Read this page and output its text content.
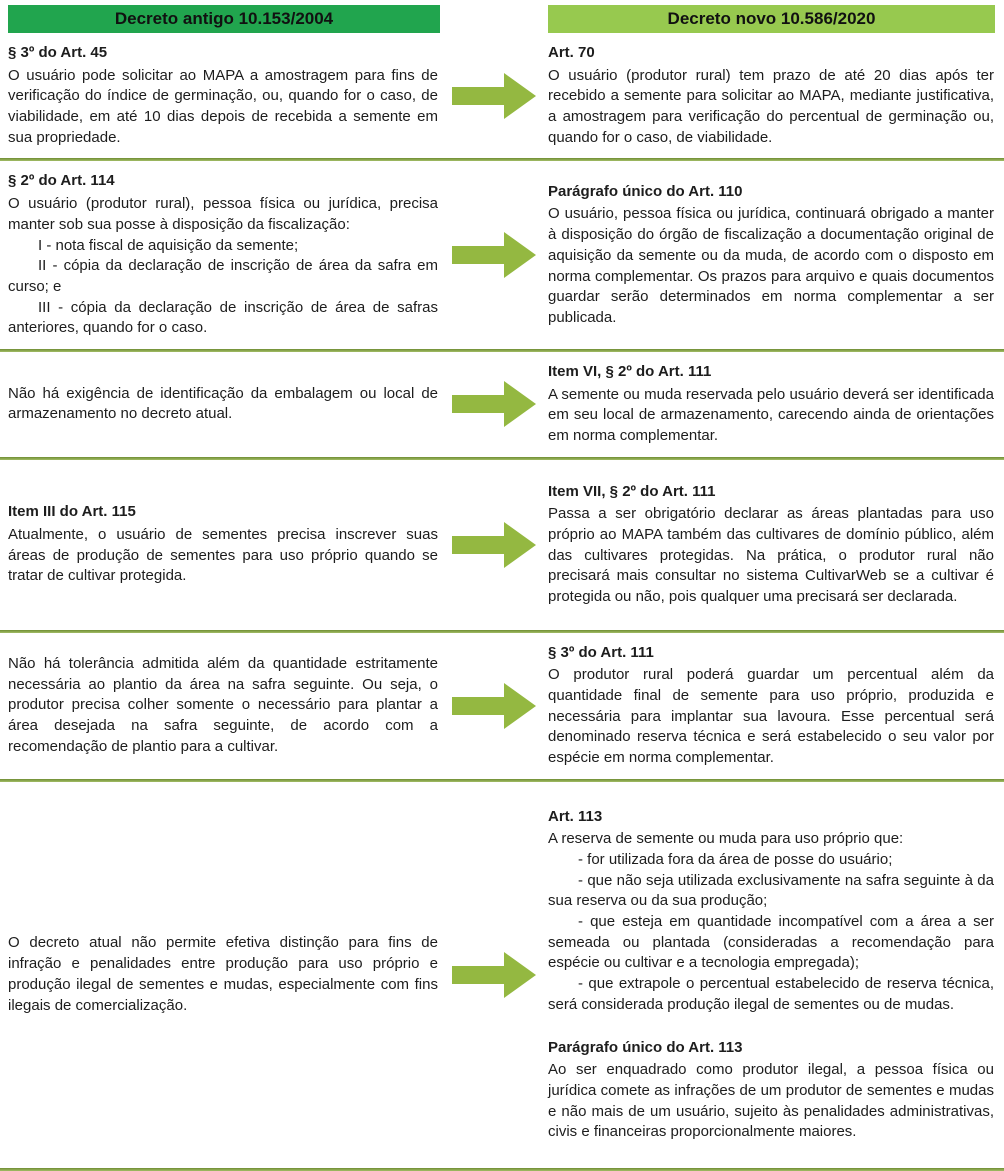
Decreto antigo 10.153/2004	Decreto novo 10.586/2020
§ 3º do Art. 45

O usuário pode solicitar ao MAPA a amostragem para fins de verificação do índice de germinação, ou, quando for o caso, de viabilidade, em até 10 dias depois de recebida a semente em sua propriedade.

Art. 70

O usuário (produtor rural) tem prazo de até 20 dias após ter recebido a semente para solicitar ao MAPA, mediante justificativa, a amostragem para verificação do percentual de germinação ou, quando for o caso, de viabilidade.

§ 2º do Art. 114

O usuário (produtor rural), pessoa física ou jurídica, precisa manter sob sua posse à disposição da fiscalização:

I - nota fiscal de aquisição da semente;

II - cópia da declaração de inscrição de área da safra em curso; e

III - cópia da declaração de inscrição de área de safras anteriores, quando for o caso.

Parágrafo único do Art. 110

O usuário, pessoa física ou jurídica, continuará obrigado a manter à disposição do órgão de fiscalização a documentação original de aquisição da semente ou da muda, de acordo com o disposto em norma complementar. Os prazos para arquivo e quais documentos guardar serão determinados em norma complementar a ser publicada.

Não há exigência de identificação da embalagem ou local de armazenamento no decreto atual.

Item VI, § 2º do Art. 111

A semente ou muda reservada pelo usuário deverá ser identificada em seu local de armazenamento, carecendo ainda de orientações em norma complementar.

Item III do Art. 115

Atualmente, o usuário de sementes precisa inscrever suas áreas de produção de sementes para uso próprio quando se tratar de cultivar protegida.

Item VII, § 2º do Art. 111

Passa a ser obrigatório declarar as áreas plantadas para uso próprio ao MAPA também das cultivares de domínio público, além das cultivares protegidas. Na prática, o produtor rural não precisará mais consultar no sistema CultivarWeb se a cultivar é protegida ou não, pois qualquer uma precisará ser declarada.

Não há tolerância admitida além da quantidade estritamente necessária ao plantio da área na safra seguinte. Ou seja, o produtor precisa colher somente o necessário para plantar a área desejada na safra seguinte, de acordo com a recomendação de plantio para a cultivar.

§ 3º do Art. 111

O produtor rural poderá guardar um percentual além da quantidade final de semente para uso próprio, produzida e necessária para implantar sua lavoura. Esse percentual será denominado reserva técnica e será estabelecido o seu valor por espécie em norma complementar.

O decreto atual não permite efetiva distinção para fins de infração e penalidades entre produção para uso próprio e produção ilegal de sementes e mudas, especialmente com fins ilegais de comercialização.

Art. 113

A reserva de semente ou muda para uso próprio que:

- for utilizada fora da área de posse do usuário;

- que não seja utilizada exclusivamente na safra seguinte à da sua reserva ou da sua produção;

- que esteja em quantidade incompatível com a área a ser semeada ou plantada (consideradas a recomendação para espécie ou cultivar e a tecnologia empregada);

- que extrapole o percentual estabelecido de reserva técnica, será considerada produção ilegal de sementes ou de mudas.

Parágrafo único do Art. 113

Ao ser enquadrado como produtor ilegal, a pessoa física ou jurídica comete as infrações de um produtor de sementes e mudas e não mais de um usuário, sujeito às penalidades administrativas, civis e financeiras proporcionalmente maiores.
